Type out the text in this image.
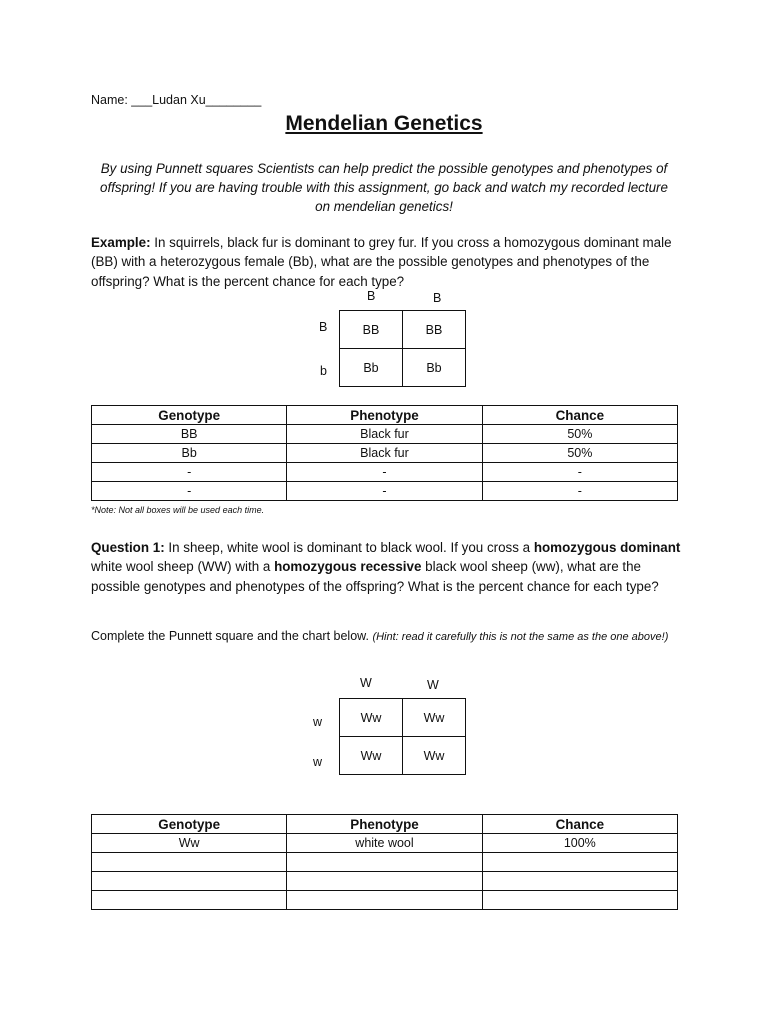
Name: ___Ludan Xu________
Mendelian Genetics
By using Punnett squares Scientists can help predict the possible genotypes and phenotypes of offspring! If you are having trouble with this assignment, go back and watch my recorded lecture on mendelian genetics!
Example: In squirrels, black fur is dominant to grey fur. If you cross a homozygous dominant male (BB) with a heterozygous female (Bb), what are the possible genotypes and phenotypes of the offspring? What is the percent chance for each type?
B	B
B
b
BB	BB
Bb	Bb
Genotype	Phenotype	Chance
BB	Black fur	50%
Bb	Black fur	50%
-	-	-
-	-	-
*Note: Not all boxes will be used each time.
Question 1: In sheep, white wool is dominant to black wool. If you cross a homozygous dominant white wool sheep (WW) with a homozygous recessive black wool sheep (ww), what are the possible genotypes and phenotypes of the offspring? What is the percent chance for each type?
Complete the Punnett square and the chart below. (Hint: read it carefully this is not the same as the one above!)
W	W
w
w
Ww	Ww
Ww	Ww
Genotype	Phenotype	Chance
Ww	white wool	100%
